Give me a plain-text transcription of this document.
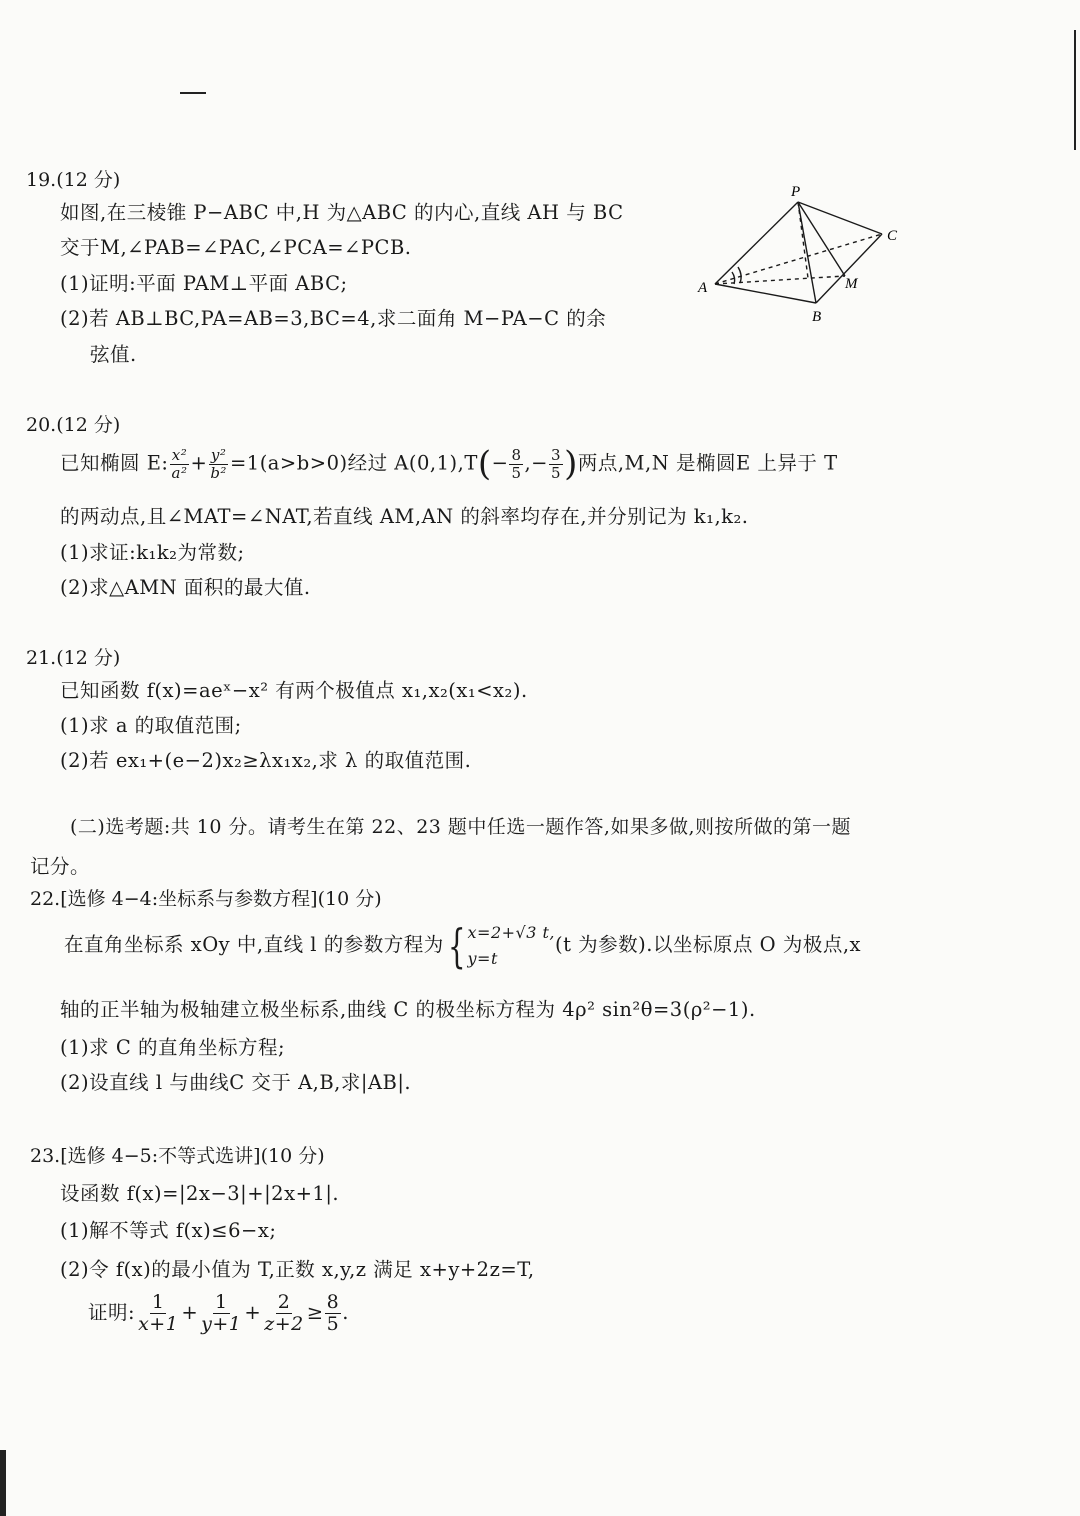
19.(12 分)
如图,在三棱锥 P−ABC 中,H 为△ABC 的内心,直线 AH 与 BC
交于M,∠PAB=∠PAC,∠PCA=∠PCB.
(1)证明:平面 PAM⊥平面 ABC;
(2)若 AB⊥BC,PA=AB=3,BC=4,求二面角 M−PA−C 的余
弦值.
P
A
B
C
M
20.(12 分)
已知椭圆 E: $\frac{\text{x²}}{\text{a²}} + \frac{\text{y²}}{\text{b²}} =1(a>b>0)$经过 $A(0,1),T(- \frac{8}{5}$ ,− $\frac{3}{5}$ )两点,M,N 是椭圆E 上异于 T
的两动点,且∠MAT=∠NAT,若直线 AM,AN 的斜率均存在,并分别记为 k₁,k₂.
(1)求证:k₁k₂为常数;
(2)求△AMN 面积的最大值.
21.(12 分)
已知函数 f(x)=aeˣ−x² 有两个极值点 x₁,x₂(x₁<x₂).
(1)求 a 的取值范围;
(2)若 ex₁+(e−2)x₂≥λx₁x₂,求 λ 的取值范围.
(二)选考题:共 10 分。请考生在第 22、23 题中任选一题作答,如果多做,则按所做的第一题
记分。
22.[选修 4−4:坐标系与参数方程](10 分)
在直角坐标系 xOy 中,直线 l 的参数方程为{ x=2+√3 t,
y=t
(t 为参数).以坐标原点 O 为极点,x
轴的正半轴为极轴建立极坐标系,曲线 C 的极坐标方程为 4ρ² sin²θ=3(ρ²−1).
(1)求 C 的直角坐标方程;
(2)设直线 l 与曲线C 交于 A,B,求|AB|.
23.[选修 4−5:不等式选讲](10 分)
设函数 f(x)=|2x−3|+|2x+1|.
(1)解不等式 f(x)≤6−x;
(2)令 f(x)的最小值为 T,正数 x,y,z 满足 x+y+2z=T,
证明: $\frac{1}{x+1} + \frac{1}{y+1} + \frac{2}{z+2} \ge \frac{8}{5}$ .
